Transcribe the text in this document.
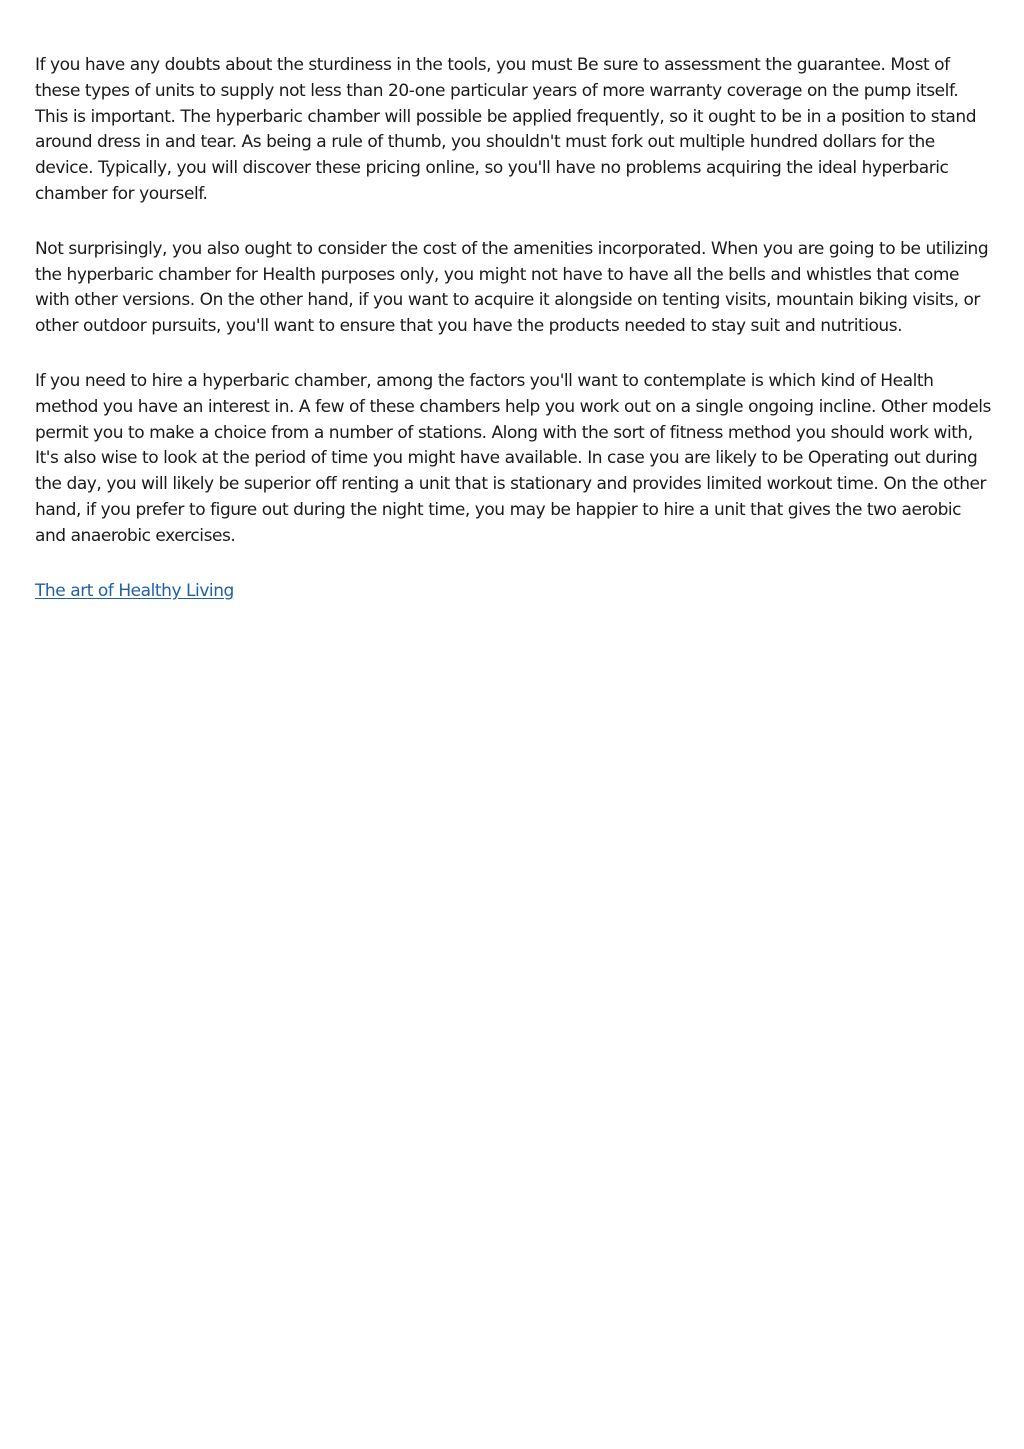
If you have any doubts about the sturdiness in the tools, you must Be sure to assessment the guarantee. Most of these types of units to supply not less than 20-one particular years of more warranty coverage on the pump itself. This is important. The hyperbaric chamber will possible be applied frequently, so it ought to be in a position to stand around dress in and tear. As being a rule of thumb, you shouldn't must fork out multiple hundred dollars for the device. Typically, you will discover these pricing online, so you'll have no problems acquiring the ideal hyperbaric chamber for yourself.

Not surprisingly, you also ought to consider the cost of the amenities incorporated. When you are going to be utilizing the hyperbaric chamber for Health purposes only, you might not have to have all the bells and whistles that come with other versions. On the other hand, if you want to acquire it alongside on tenting visits, mountain biking visits, or other outdoor pursuits, you'll want to ensure that you have the products needed to stay suit and nutritious.

If you need to hire a hyperbaric chamber, among the factors you'll want to contemplate is which kind of Health method you have an interest in. A few of these chambers help you work out on a single ongoing incline. Other models permit you to make a choice from a number of stations. Along with the sort of fitness method you should work with, It's also wise to look at the period of time you might have available. In case you are likely to be Operating out during the day, you will likely be superior off renting a unit that is stationary and provides limited workout time. On the other hand, if you prefer to figure out during the night time, you may be happier to hire a unit that gives the two aerobic and anaerobic exercises.

The art of Healthy Living
